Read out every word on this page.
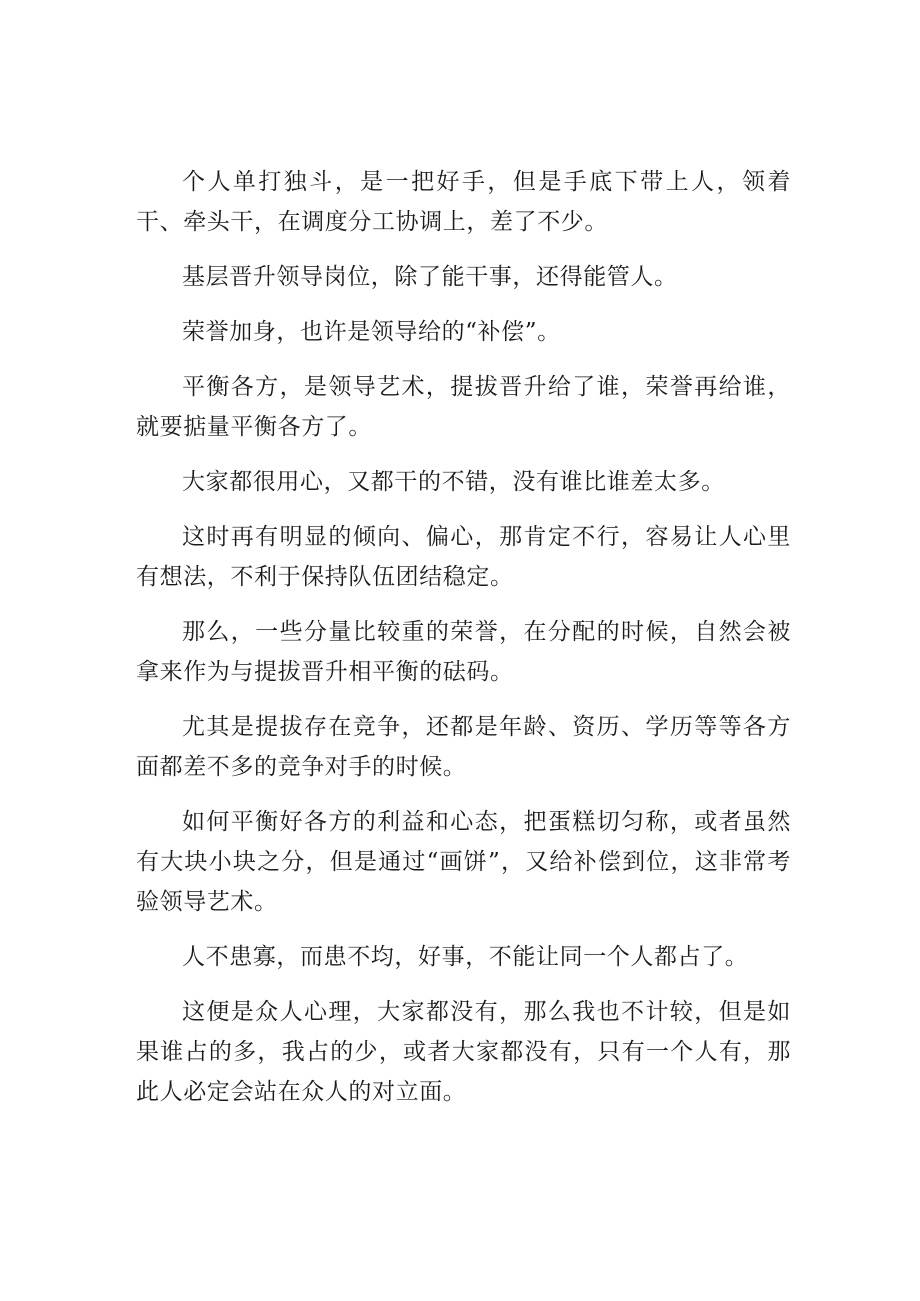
个人单打独斗，是一把好手，但是手底下带上人，领着干、牵头干，在调度分工协调上，差了不少。

基层晋升领导岗位，除了能干事，还得能管人。

荣誉加身，也许是领导给的“补偿”。

平衡各方，是领导艺术，提拔晋升给了谁，荣誉再给谁，就要掂量平衡各方了。

大家都很用心，又都干的不错，没有谁比谁差太多。

这时再有明显的倾向、偏心，那肯定不行，容易让人心里有想法，不利于保持队伍团结稳定。

那么，一些分量比较重的荣誉，在分配的时候，自然会被拿来作为与提拔晋升相平衡的砝码。

尤其是提拔存在竞争，还都是年龄、资历、学历等等各方面都差不多的竞争对手的时候。

如何平衡好各方的利益和心态，把蛋糕切匀称，或者虽然有大块小块之分，但是通过“画饼”，又给补偿到位，这非常考验领导艺术。

人不患寡，而患不均，好事，不能让同一个人都占了。

这便是众人心理，大家都没有，那么我也不计较，但是如果谁占的多，我占的少，或者大家都没有，只有一个人有，那此人必定会站在众人的对立面。
